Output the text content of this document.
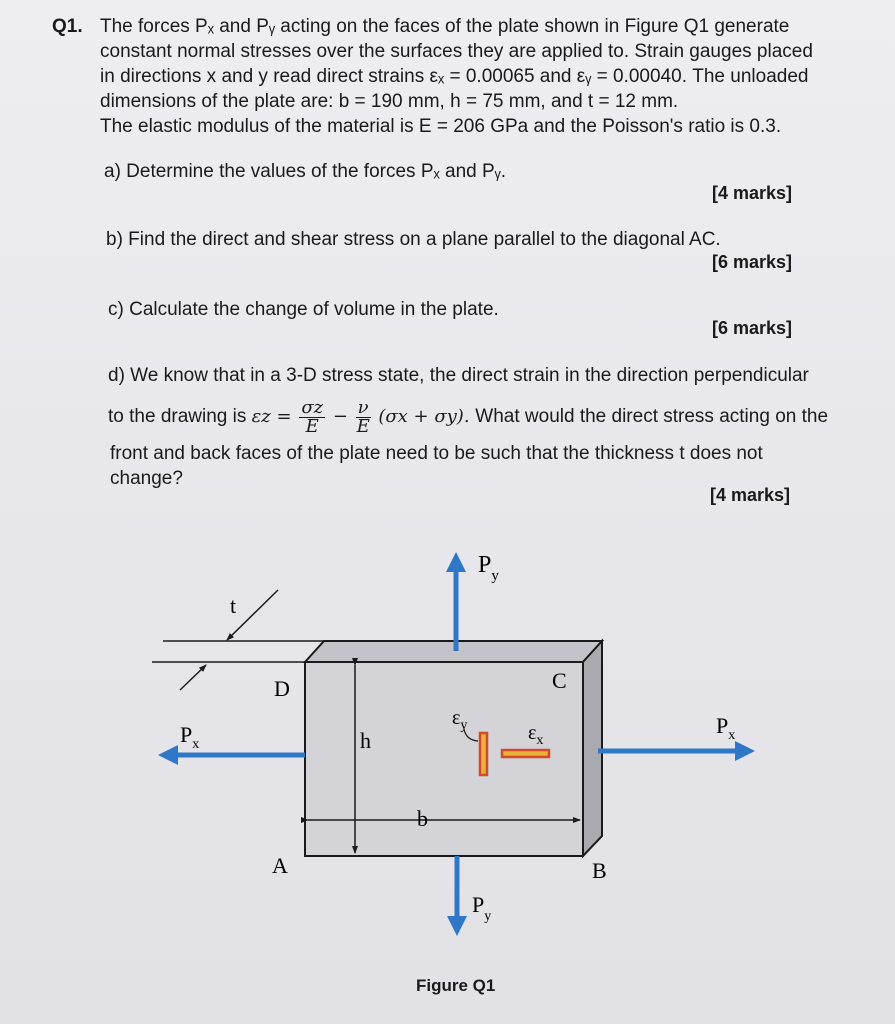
Q1. The forces Pₓ and Pᵧ acting on the faces of the plate shown in Figure Q1 generate
constant normal stresses over the surfaces they are applied to. Strain gauges placed
in directions x and y read direct strains εₓ = 0.00065 and εᵧ = 0.00040. The unloaded
dimensions of the plate are: b = 190 mm, h = 75 mm, and t = 12 mm.
The elastic modulus of the material is E = 206 GPa and the Poisson's ratio is 0.3.
a) Determine the values of the forces Pₓ and Pᵧ.
[4 marks]
b) Find the direct and shear stress on a plane parallel to the diagonal AC.
[6 marks]
c) Calculate the change of volume in the plate.
[6 marks]
d) We know that in a 3-D stress state, the direct strain in the direction perpendicular
to the drawing is $\varepsilon z = \frac{\sigma z}{E} - \frac{\nu}{E} (\sigma x + \sigma y)$. What would the direct stress acting on the
front and back faces of the plate need to be such that the thickness t does not
change?
[4 marks]
t
h
b
D	C
A	B
$P_x$
$P_x$
$P_y$
$P_y$
$\varepsilon_y$	$\varepsilon_x$
Figure Q1
